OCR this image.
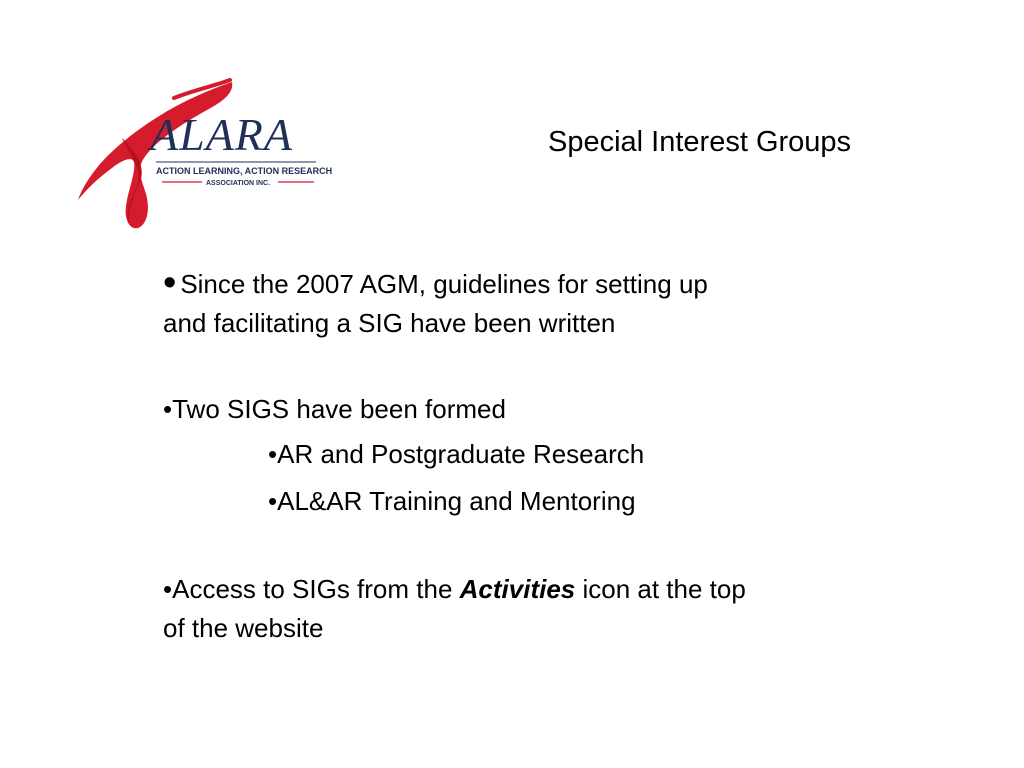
ALARA
ACTION LEARNING, ACTION RESEARCH
ASSOCIATION INC.
Special Interest Groups

• Since the 2007 AGM, guidelines for setting up
and facilitating a SIG have been written

•Two SIGS have been formed

•AR and Postgraduate Research
•AL&AR Training and Mentoring

•Access to SIGs from the Activities icon at the top
of the website
